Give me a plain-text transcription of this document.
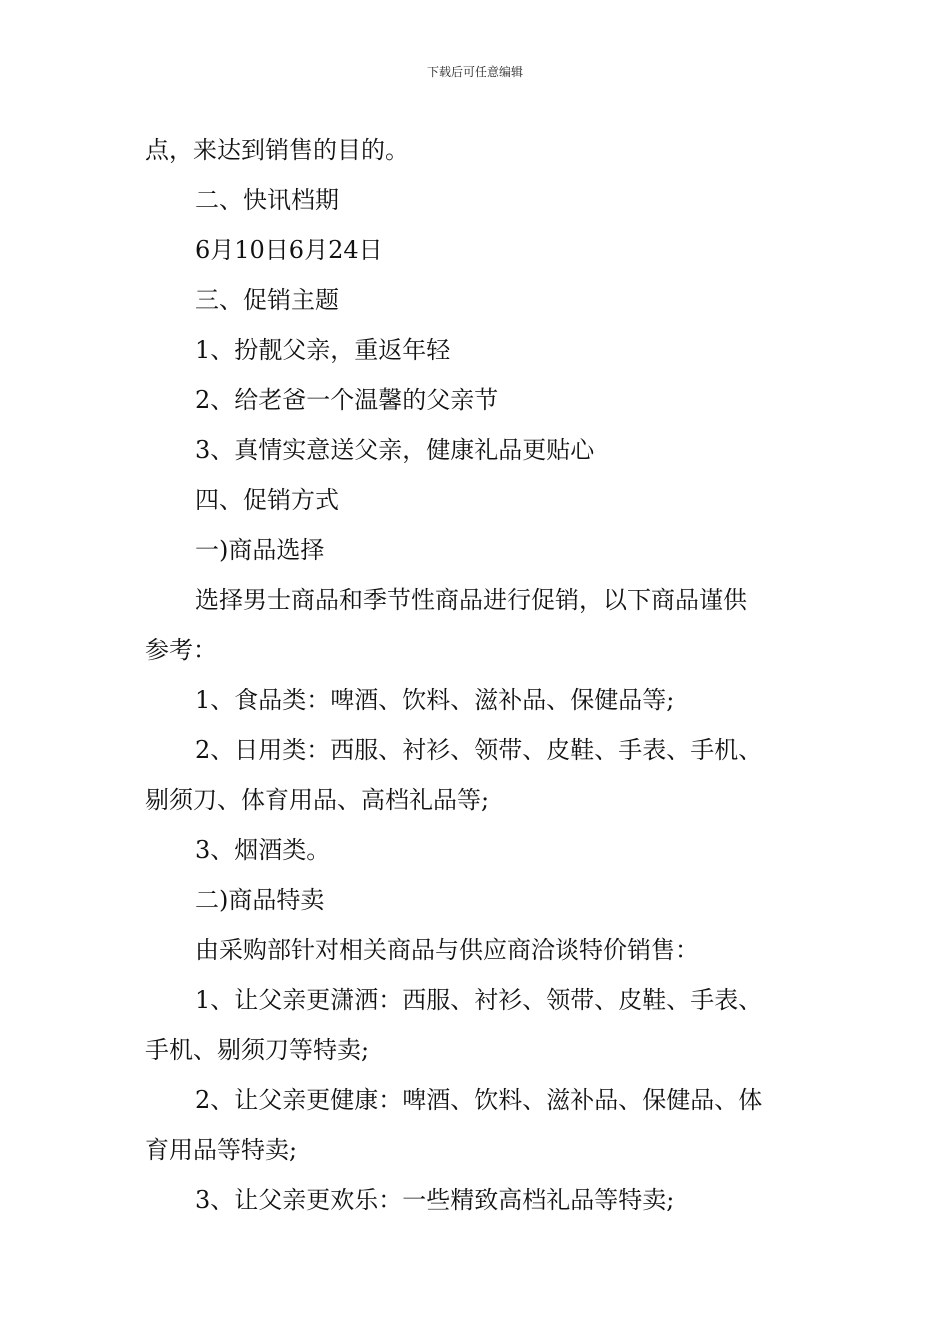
下载后可任意编辑
点，来达到销售的目的。
二、快讯档期
6月10日6月24日
三、促销主题
1、扮靓父亲，重返年轻
2、给老爸一个温馨的父亲节
3、真情实意送父亲，健康礼品更贴心
四、促销方式
一)商品选择
选择男士商品和季节性商品进行促销，以下商品谨供
参考：
1、食品类：啤酒、饮料、滋补品、保健品等;
2、日用类：西服、衬衫、领带、皮鞋、手表、手机、
剔须刀、体育用品、高档礼品等;
3、烟酒类。
二)商品特卖
由采购部针对相关商品与供应商洽谈特价销售：
1、让父亲更潇洒：西服、衬衫、领带、皮鞋、手表、
手机、剔须刀等特卖;
2、让父亲更健康：啤酒、饮料、滋补品、保健品、体
育用品等特卖;
3、让父亲更欢乐：一些精致高档礼品等特卖;
